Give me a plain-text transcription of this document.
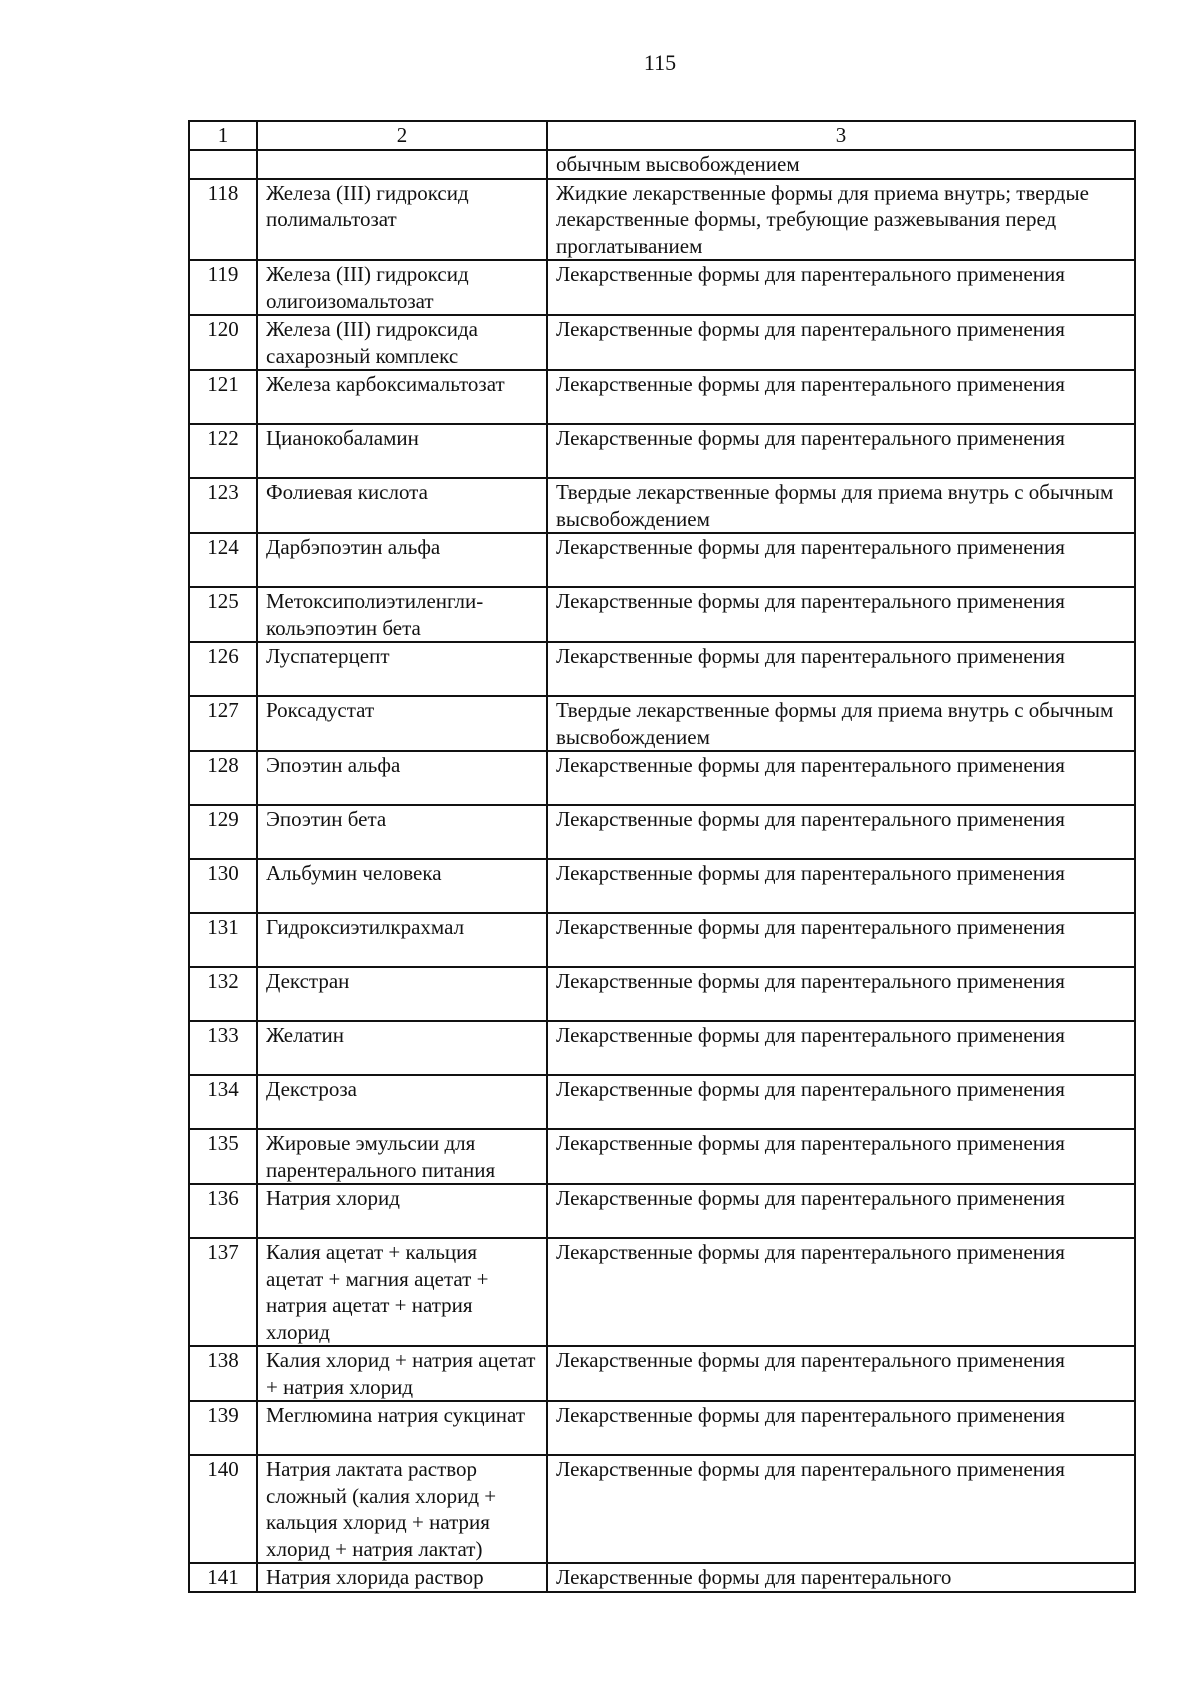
115
1	2	3
		обычным высвобождением
118	Железа (III) гидроксид полимальтозат	Жидкие лекарственные формы для приема внутрь; твердые лекарственные формы, требующие разжевывания перед проглатыванием
119	Железа (III) гидроксид олигоизомальтозат	Лекарственные формы для парентерального применения
120	Железа (III) гидроксида сахарозный комплекс	Лекарственные формы для парентерального применения
121	Железа карбоксимальтозат	Лекарственные формы для парентерального применения
122	Цианокобаламин	Лекарственные формы для парентерального применения
123	Фолиевая кислота	Твердые лекарственные формы для приема внутрь с обычным высвобождением
124	Дарбэпоэтин альфа	Лекарственные формы для парентерального применения
125	Метоксиполиэтиленгли-кольэпоэтин бета	Лекарственные формы для парентерального применения
126	Луспатерцепт	Лекарственные формы для парентерального применения
127	Роксадустат	Твердые лекарственные формы для приема внутрь с обычным высвобождением
128	Эпоэтин альфа	Лекарственные формы для парентерального применения
129	Эпоэтин бета	Лекарственные формы для парентерального применения
130	Альбумин человека	Лекарственные формы для парентерального применения
131	Гидроксиэтилкрахмал	Лекарственные формы для парентерального применения
132	Декстран	Лекарственные формы для парентерального применения
133	Желатин	Лекарственные формы для парентерального применения
134	Декстроза	Лекарственные формы для парентерального применения
135	Жировые эмульсии для парентерального питания	Лекарственные формы для парентерального применения
136	Натрия хлорид	Лекарственные формы для парентерального применения
137	Калия ацетат + кальция ацетат + магния ацетат + натрия ацетат + натрия хлорид	Лекарственные формы для парентерального применения
138	Калия хлорид + натрия ацетат + натрия хлорид	Лекарственные формы для парентерального применения
139	Меглюмина натрия сукцинат	Лекарственные формы для парентерального применения
140	Натрия лактата раствор сложный (калия хлорид + кальция хлорид + натрия хлорид + натрия лактат)	Лекарственные формы для парентерального применения
141	Натрия хлорида раствор	Лекарственные формы для парентерального
